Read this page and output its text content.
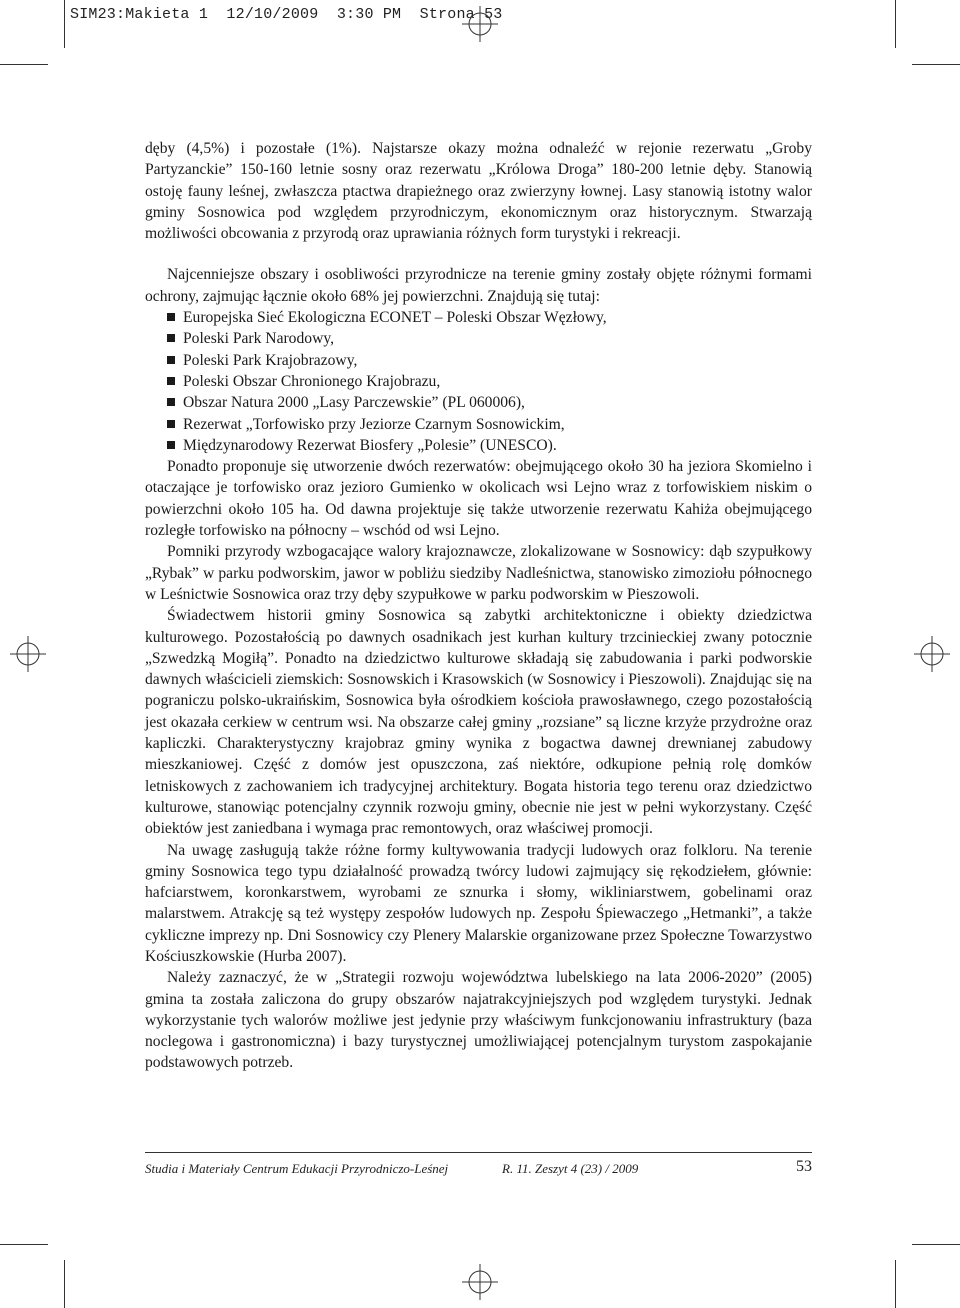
SIM23:Makieta 1  12/10/2009  3:30 PM  Strona 53

dęby (4,5%) i pozostałe (1%). Najstarsze okazy można odnaleźć w rejonie rezerwatu „Groby Partyzanckie” 150-160 letnie sosny oraz rezerwatu „Królowa Droga” 180-200 letnie dęby. Stanowią ostoję fauny leśnej, zwłaszcza ptactwa drapieżnego oraz zwierzyny łownej. Lasy stanowią istotny walor gminy Sosnowica pod względem przyrodniczym, ekonomicznym oraz historycznym. Stwarzają możliwości obcowania z przyrodą oraz uprawiania różnych form turystyki i rekreacji.

Najcenniejsze obszary i osobliwości przyrodnicze na terenie gminy zostały objęte różnymi formami ochrony, zajmując łącznie około 68% jej powierzchni. Znajdują się tutaj:

Europejska Sieć Ekologiczna ECONET – Poleski Obszar Węzłowy,
Poleski Park Narodowy,
Poleski Park Krajobrazowy,
Poleski Obszar Chronionego Krajobrazu,
Obszar Natura 2000 „Lasy Parczewskie” (PL 060006),
Rezerwat „Torfowisko przy Jeziorze Czarnym Sosnowickim,
Międzynarodowy Rezerwat Biosfery „Polesie” (UNESCO).

Ponadto proponuje się utworzenie dwóch rezerwatów: obejmującego około 30 ha jeziora Skomielno i otaczające je torfowisko oraz jezioro Gumienko w okolicach wsi Lejno wraz z torfowiskiem niskim o powierzchni około 105 ha. Od dawna projektuje się także utworzenie rezerwatu Kahiża obejmującego rozległe torfowisko na północny – wschód od wsi Lejno.

Pomniki przyrody wzbogacające walory krajoznawcze, zlokalizowane w Sosnowicy: dąb szypułkowy „Rybak” w parku podworskim, jawor w pobliżu siedziby Nadleśnictwa, stanowisko zimoziołu północnego w Leśnictwie Sosnowica oraz trzy dęby szypułkowe w parku podworskim w Pieszowoli.

Świadectwem historii gminy Sosnowica są zabytki architektoniczne i obiekty dziedzictwa kulturowego. Pozostałością po dawnych osadnikach jest kurhan kultury trzcinieckiej zwany potocznie „Szwedzką Mogiłą”. Ponadto na dziedzictwo kulturowe składają się zabudowania i parki podworskie dawnych właścicieli ziemskich: Sosnowskich i Krasowskich (w Sosnowicy i Pieszowoli). Znajdując się na pograniczu polsko-ukraińskim, Sosnowica była ośrodkiem kościoła prawosławnego, czego pozostałością jest okazała cerkiew w centrum wsi. Na obszarze całej gminy „rozsiane” są liczne krzyże przydrożne oraz kapliczki. Charakterystyczny krajobraz gminy wynika z bogactwa dawnej drewnianej zabudowy mieszkaniowej. Część z domów jest opuszczona, zaś niektóre, odkupione pełnią rolę domków letniskowych z zachowaniem ich tradycyjnej architektury. Bogata historia tego terenu oraz dziedzictwo kulturowe, stanowiąc potencjalny czynnik rozwoju gminy, obecnie nie jest w pełni wykorzystany. Część obiektów jest zaniedbana i wymaga prac remontowych, oraz właściwej promocji.

Na uwagę zasługują także różne formy kultywowania tradycji ludowych oraz folkloru. Na terenie gminy Sosnowica tego typu działalność prowadzą twórcy ludowi zajmujący się rękodziełem, głównie: hafciarstwem, koronkarstwem, wyrobami ze sznurka i słomy, wikliniarstwem, gobelinami oraz malarstwem. Atrakcję są też występy zespołów ludowych np. Zespołu Śpiewaczego „Hetmanki”, a także cykliczne imprezy np. Dni Sosnowicy czy Plenery Malarskie organizowane przez Społeczne Towarzystwo Kościuszkowskie (Hurba 2007).

Należy zaznaczyć, że w „Strategii rozwoju województwa lubelskiego na lata 2006-2020” (2005) gmina ta została zaliczona do grupy obszarów najatrakcyjniejszych pod względem turystyki. Jednak wykorzystanie tych walorów możliwe jest jedynie przy właściwym funkcjonowaniu infrastruktury (baza noclegowa i gastronomiczna) i bazy turystycznej umożliwiającej potencjalnym turystom zaspokajanie podstawowych potrzeb.

Studia i Materiały Centrum Edukacji Przyrodniczo-Leśnej	R. 11. Zeszyt 4 (23) / 2009	53
